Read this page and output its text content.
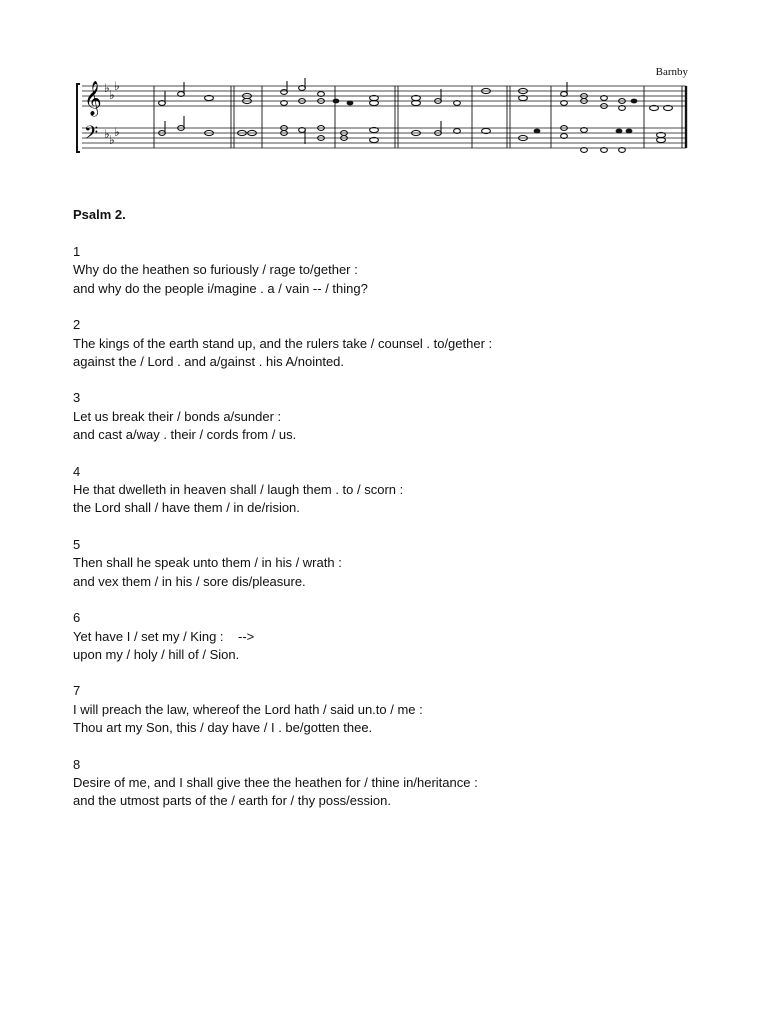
Barnby
𝄞
𝄢
♭ ♭
♭
♭ ♭
♭
Psalm 2.
1
Why do the heathen so furiously / rage to/gether :
and why do the people i/magine . a / vain -- / thing?
2
The kings of the earth stand up, and the rulers take / counsel . to/gether :
against the / Lord . and a/gainst . his A/nointed.
3
Let us break their / bonds a/sunder :
and cast a/way . their / cords from / us.
4
He that dwelleth in heaven shall / laugh them . to / scorn :
the Lord shall / have them / in de/rision.
5
Then shall he speak unto them / in his / wrath :
and vex them / in his / sore dis/pleasure.
6
Yet have I / set my / King :    -->
upon my / holy / hill of / Sion.
7
I will preach the law, whereof the Lord hath / said un.to / me :
Thou art my Son, this / day have / I . be/gotten thee.
8
Desire of me, and I shall give thee the heathen for / thine in/heritance :
and the utmost parts of the / earth for / thy poss/ession.
